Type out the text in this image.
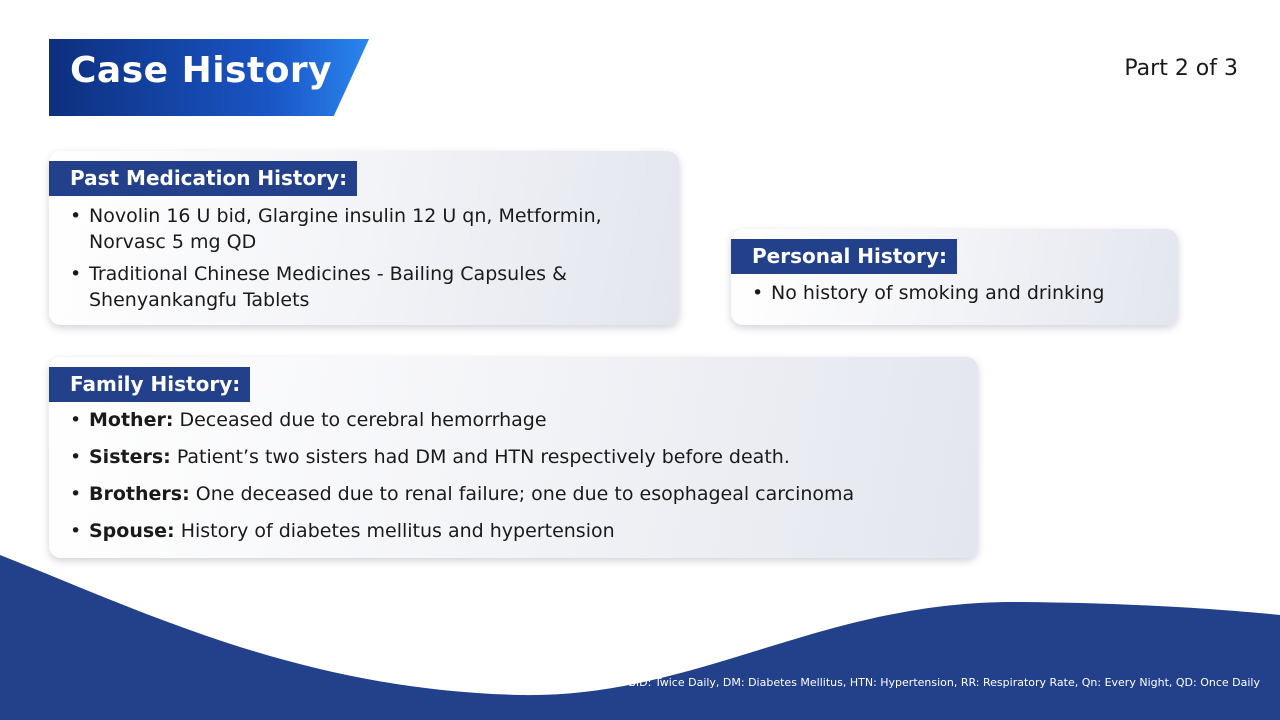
Case History	Part 2 of 3
Past Medication History:
• Novolin 16 U bid, Glargine insulin 12 U qn, Metformin, Norvasc 5 mg QD
• Traditional Chinese Medicines - Bailing Capsules & Shenyankangfu Tablets
Personal History:
• No history of smoking and drinking
Family History:
• Mother: Deceased due to cerebral hemorrhage
• Sisters: Patient’s two sisters had DM and HTN respectively before death.
• Brothers: One deceased due to renal failure; one due to esophageal carcinoma
• Spouse: History of diabetes mellitus and hypertension
BID: Twice Daily, DM: Diabetes Mellitus, HTN: Hypertension, RR: Respiratory Rate, Qn: Every Night, QD: Once Daily
